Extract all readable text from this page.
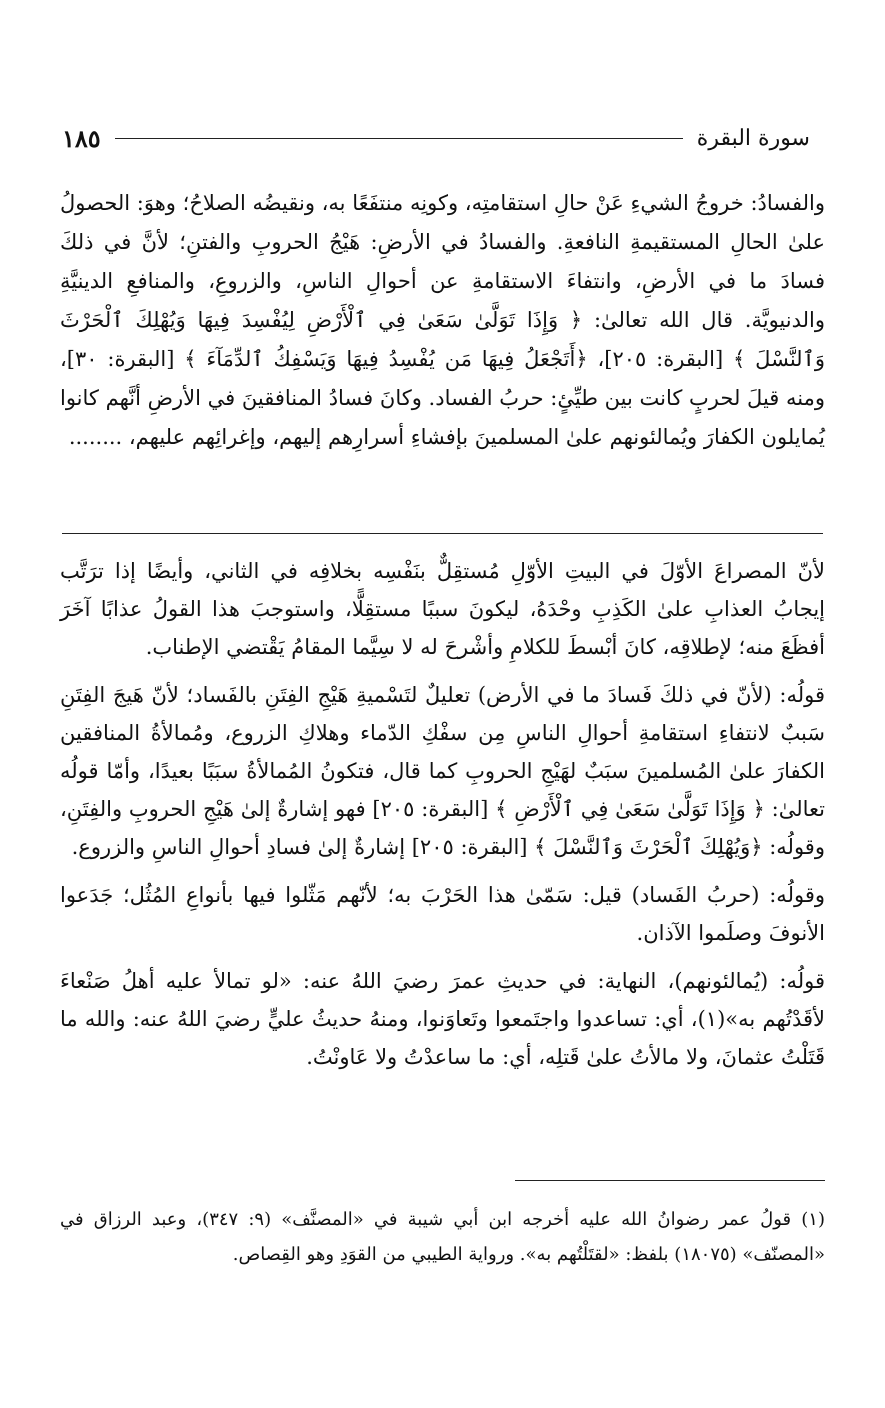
سورة البقرة
١٨٥

والفسادُ: خروجُ الشيءِ عَنْ حالِ استقامتِه، وكونِه منتفَعًا به، ونقيضُه الصلاحُ؛ وهوَ: الحصولُ علىٰ الحالِ المستقيمةِ النافعةِ. والفسادُ في الأرضِ: هَيْجُ الحروبِ والفتنِ؛ لأنَّ في ذلكَ فسادَ ما في الأرضِ، وانتفاءَ الاستقامةِ عن أحوالِ الناسِ، والزروعِ، والمنافعِ الدينيَّةِ والدنيويَّة. قال الله تعالىٰ: ﴿ وَإِذَا تَوَلَّىٰ سَعَىٰ فِي ٱلْأَرْضِ لِيُفْسِدَ فِيهَا وَيُهْلِكَ ٱلْحَرْثَ وَٱلنَّسْلَ ﴾ [البقرة: ٢٠٥]، ﴿أَتَجْعَلُ فِيهَا مَن يُفْسِدُ فِيهَا وَيَسْفِكُ ٱلدِّمَآءَ ﴾ [البقرة: ٣٠]، ومنه قيلَ لحربٍ كانت بين طيِّئٍ: حربُ الفساد. وكانَ فسادُ المنافقينَ في الأرضِ أنَّهم كانوا يُمايلون الكفارَ ويُمالئونهم علىٰ المسلمينَ بإفشاءِ أسرارِهم إليهم، وإغرائِهم عليهم، ........

لأنّ المصراعَ الأوّلَ في البيتِ الأوّلِ مُستقِلٌّ بنَفْسِه بخلافِه في الثاني، وأيضًا إذا ترَتَّب إيجابُ العذابِ علىٰ الكَذِبِ وحْدَهُ، ليكونَ سببًا مستقِلًّا، واستوجبَ هذا القولُ عذابًا آخَرَ أفظَعَ منه؛ لإطلاقِه، كانَ أبْسطَ للكلامِ وأشْرحَ له لا سِيَّما المقامُ يَقْتضي الإطناب.

قولُه: (لأنّ في ذلكَ فَسادَ ما في الأرض) تعليلٌ لتَسْميةِ هَيْجِ الفِتَنِ بالفَساد؛ لأنّ هَيجَ الفِتَنِ سَببٌ لانتفاءِ استقامةِ أحوالِ الناسِ مِن سفْكِ الدّماء وهلاكِ الزروع، ومُمالأةُ المنافقين الكفارَ علىٰ المُسلمينَ سبَبٌ لهَيْجِ الحروبِ كما قال، فتكونُ المُمالأةُ سبَبًا بعيدًا، وأمّا قولُه تعالىٰ: ﴿ وَإِذَا تَوَلَّىٰ سَعَىٰ فِي ٱلْأَرْضِ ﴾ [البقرة: ٢٠٥] فهو إشارةٌ إلىٰ هَيْجِ الحروبِ والفِتَنِ، وقولُه: ﴿وَيُهْلِكَ ٱلْحَرْثَ وَٱلنَّسْلَ ﴾ [البقرة: ٢٠٥] إشارةٌ إلىٰ فسادِ أحوالِ الناسِ والزروع.

وقولُه: (حربُ الفَساد) قيل: سَمّىٰ هذا الحَرْبَ به؛ لأنّهم مَثّلوا فيها بأنواعِ المُثُل؛ جَدَعوا الأنوفَ وصلَموا الآذان.

قولُه: (يُمالئونهم)، النهاية: في حديثِ عمرَ رضيَ اللهُ عنه: «لو تمالأ عليه أهلُ صَنْعاءَ لأقَدْتُهم به»(١)، أي: تساعدوا واجتَمعوا وتَعاوَنوا، ومنهُ حديثُ عليٍّ رضيَ اللهُ عنه: والله ما قَتَلْتُ عثمانَ، ولا مالأتُ علىٰ قَتلِه، أي: ما ساعدْتُ ولا عَاونْتُ.

(١) قولُ عمر رضوانُ الله عليه أخرجه ابن أبي شيبة في «المصنَّف» (٩: ٣٤٧)، وعبد الرزاق في «المصنّف» (١٨٠٧٥) بلفظ: «لقتَلْتُهم به». ورواية الطيبي من القوَدِ وهو القِصاص.
